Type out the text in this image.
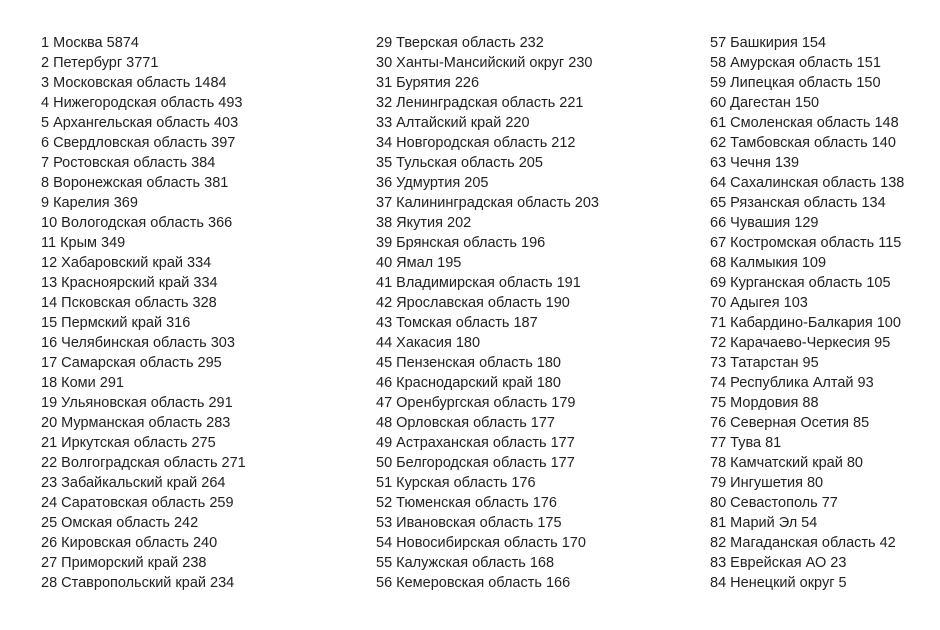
1 Москва 5874
2 Петербург 3771
3 Московская область 1484
4 Нижегородская область 493
5 Архангельская область 403
6 Свердловская область 397
7 Ростовская область 384
8 Воронежская область 381
9 Карелия 369
10 Вологодская область 366
11 Крым 349
12 Хабаровский край 334
13 Красноярский край 334
14 Псковская область 328
15 Пермский край 316
16 Челябинская область 303
17 Самарская область 295
18 Коми 291
19 Ульяновская область 291
20 Мурманская область 283
21 Иркутская область 275
22 Волгоградская область 271
23 Забайкальский край 264
24 Саратовская область 259
25 Омская область 242
26 Кировская область 240
27 Приморский край 238
28 Ставропольский край 234
29 Тверская область 232
30 Ханты-Мансийский округ 230
31 Бурятия 226
32 Ленинградская область 221
33 Алтайский край 220
34 Новгородская область 212
35 Тульская область 205
36 Удмуртия 205
37 Калининградская область 203
38 Якутия 202
39 Брянская область 196
40 Ямал 195
41 Владимирская область 191
42 Ярославская область 190
43 Томская область 187
44 Хакасия 180
45 Пензенская область 180
46 Краснодарский край 180
47 Оренбургская область 179
48 Орловская область 177
49 Астраханская область 177
50 Белгородская область 177
51 Курская область 176
52 Тюменская область 176
53 Ивановская область 175
54 Новосибирская область 170
55 Калужская область 168
56 Кемеровская область 166
57 Башкирия 154
58 Амурская область 151
59 Липецкая область 150
60 Дагестан 150
61 Смоленская область 148
62 Тамбовская область 140
63 Чечня 139
64 Сахалинская область 138
65 Рязанская область 134
66 Чувашия 129
67 Костромская область 115
68 Калмыкия 109
69 Курганская область 105
70 Адыгея 103
71 Кабардино-Балкария 100
72 Карачаево-Черкесия 95
73 Татарстан 95
74 Республика Алтай 93
75 Мордовия 88
76 Северная Осетия 85
77 Тува 81
78 Камчатский край 80
79 Ингушетия 80
80 Севастополь 77
81 Марий Эл 54
82 Магаданская область 42
83 Еврейская АО 23
84 Ненецкий округ 5
